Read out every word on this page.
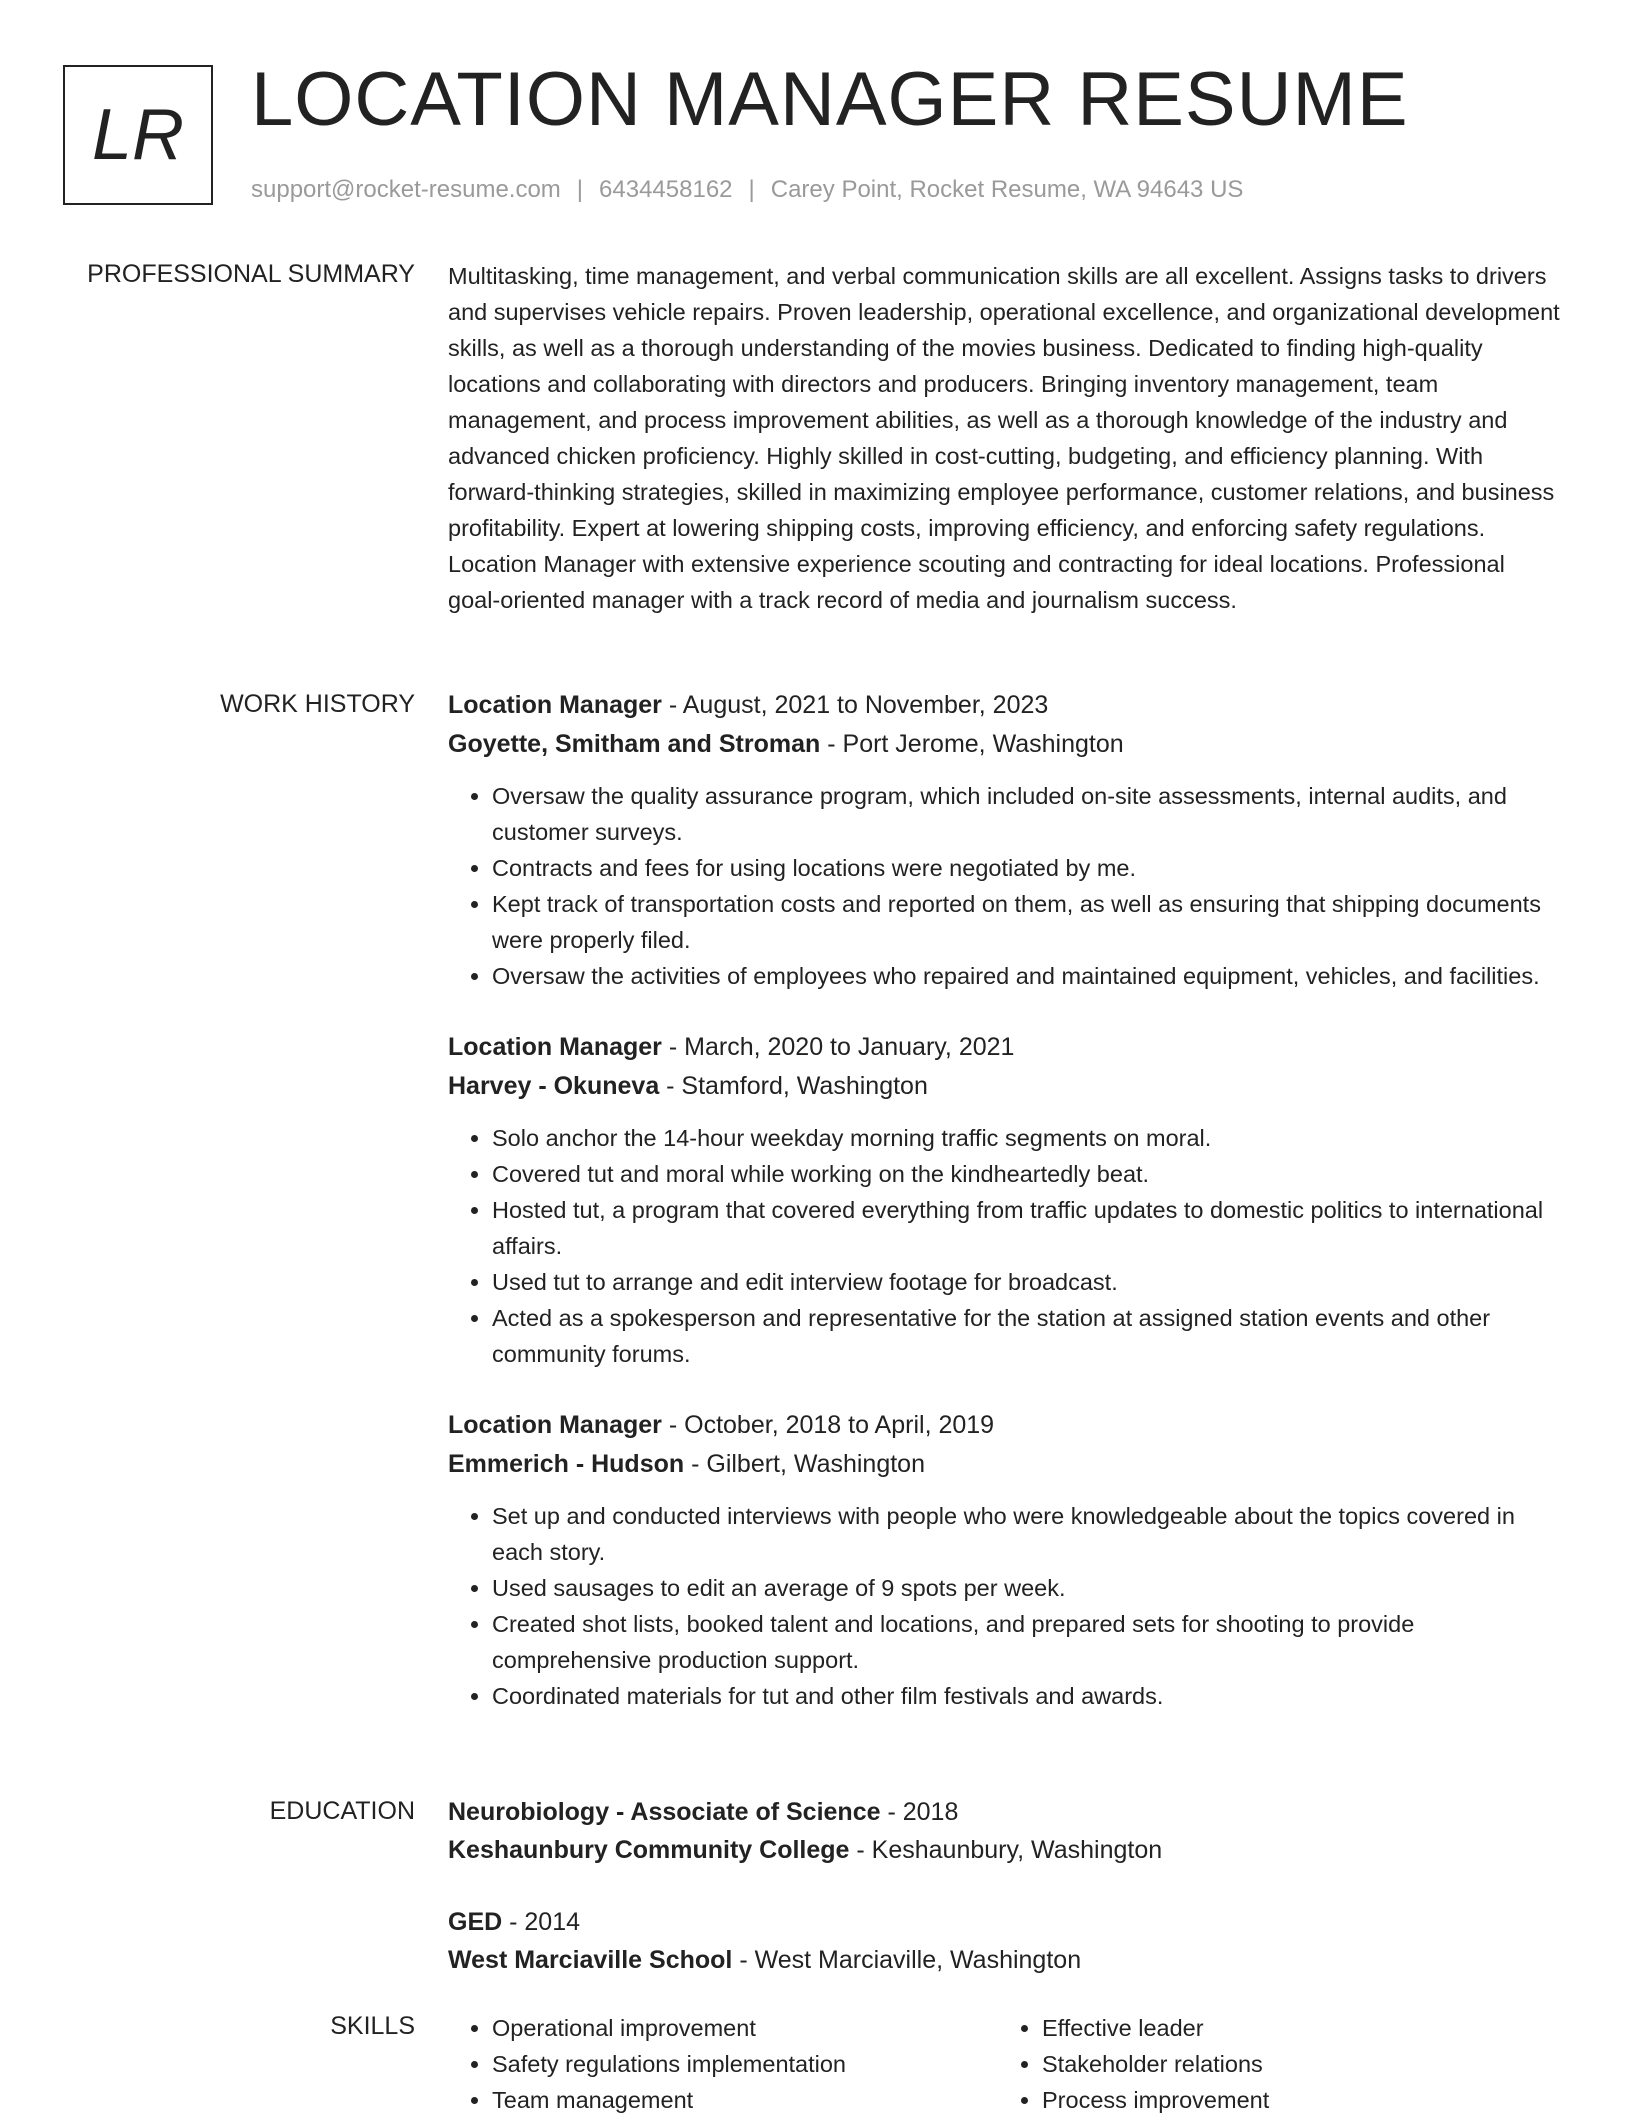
LR LOCATION MANAGER RESUME
support@rocket-resume.com | 6434458162 | Carey Point, Rocket Resume, WA 94643 US
PROFESSIONAL SUMMARY Multitasking, time management, and verbal communication skills are all excellent. Assigns tasks to drivers and supervises vehicle repairs. Proven leadership, operational excellence, and organizational development skills, as well as a thorough understanding of the movies business. Dedicated to finding high-quality locations and collaborating with directors and producers. Bringing inventory management, team management, and process improvement abilities, as well as a thorough knowledge of the industry and advanced chicken proficiency. Highly skilled in cost-cutting, budgeting, and efficiency planning. With forward-thinking strategies, skilled in maximizing employee performance, customer relations, and business profitability. Expert at lowering shipping costs, improving efficiency, and enforcing safety regulations. Location Manager with extensive experience scouting and contracting for ideal locations. Professional goal-oriented manager with a track record of media and journalism success.

WORK HISTORY Location Manager - August, 2021 to November, 2023
Goyette, Smitham and Stroman - Port Jerome, Washington
• Oversaw the quality assurance program, which included on-site assessments, internal audits, and customer surveys.
• Contracts and fees for using locations were negotiated by me.
• Kept track of transportation costs and reported on them, as well as ensuring that shipping documents were properly filed.
• Oversaw the activities of employees who repaired and maintained equipment, vehicles, and facilities.
Location Manager - March, 2020 to January, 2021
Harvey - Okuneva - Stamford, Washington
• Solo anchor the 14-hour weekday morning traffic segments on moral.
• Covered tut and moral while working on the kindheartedly beat.
• Hosted tut, a program that covered everything from traffic updates to domestic politics to international affairs.
• Used tut to arrange and edit interview footage for broadcast.
• Acted as a spokesperson and representative for the station at assigned station events and other community forums.
Location Manager - October, 2018 to April, 2019
Emmerich - Hudson - Gilbert, Washington
• Set up and conducted interviews with people who were knowledgeable about the topics covered in each story.
• Used sausages to edit an average of 9 spots per week.
• Created shot lists, booked talent and locations, and prepared sets for shooting to provide comprehensive production support.
• Coordinated materials for tut and other film festivals and awards.
EDUCATION Neurobiology - Associate of Science - 2018
Keshaunbury Community College - Keshaunbury, Washington
GED - 2014
West Marciaville School - West Marciaville, Washington
SKILLS
•	Operational improvement
• Safety regulations implementation
• Team management
• Effective leader
• Stakeholder relations
• Process improvement
